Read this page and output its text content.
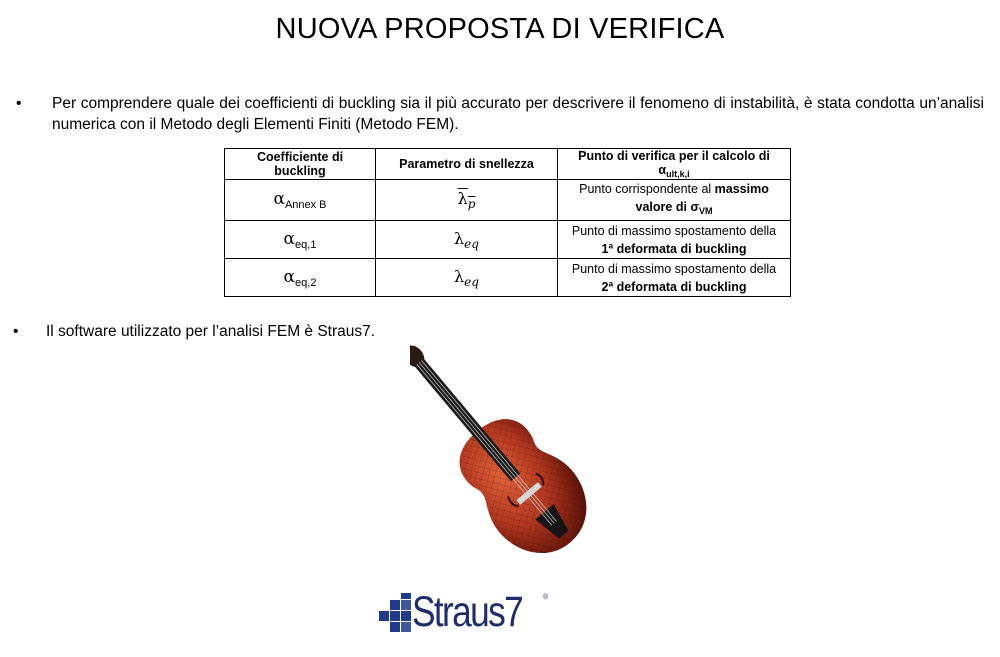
NUOVA PROPOSTA DI VERIFICA
• Per comprendere quale dei coefficienti di buckling sia il più accurato per descrivere il fenomeno di instabilità, è stata condotta un’analisi numerica con il Metodo degli Elementi Finiti (Metodo FEM).
Coefficiente di buckling	Parametro di snellezza	Punto di verifica per il calcolo di $\alpha_{ult,k,i}$
αAnnex B	$\lambda_p$	Punto corrispondente al massimo valore di $\sigma_{VM}$
αeq,1	$\lambda_{eq}$	Punto di massimo spostamento della
1ª deformata di buckling
αeq,2	$\lambda_{eq}$	Punto di massimo spostamento della
2ª deformata di buckling
• Il software utilizzato per l’analisi FEM è Straus7.
Straus7	®
